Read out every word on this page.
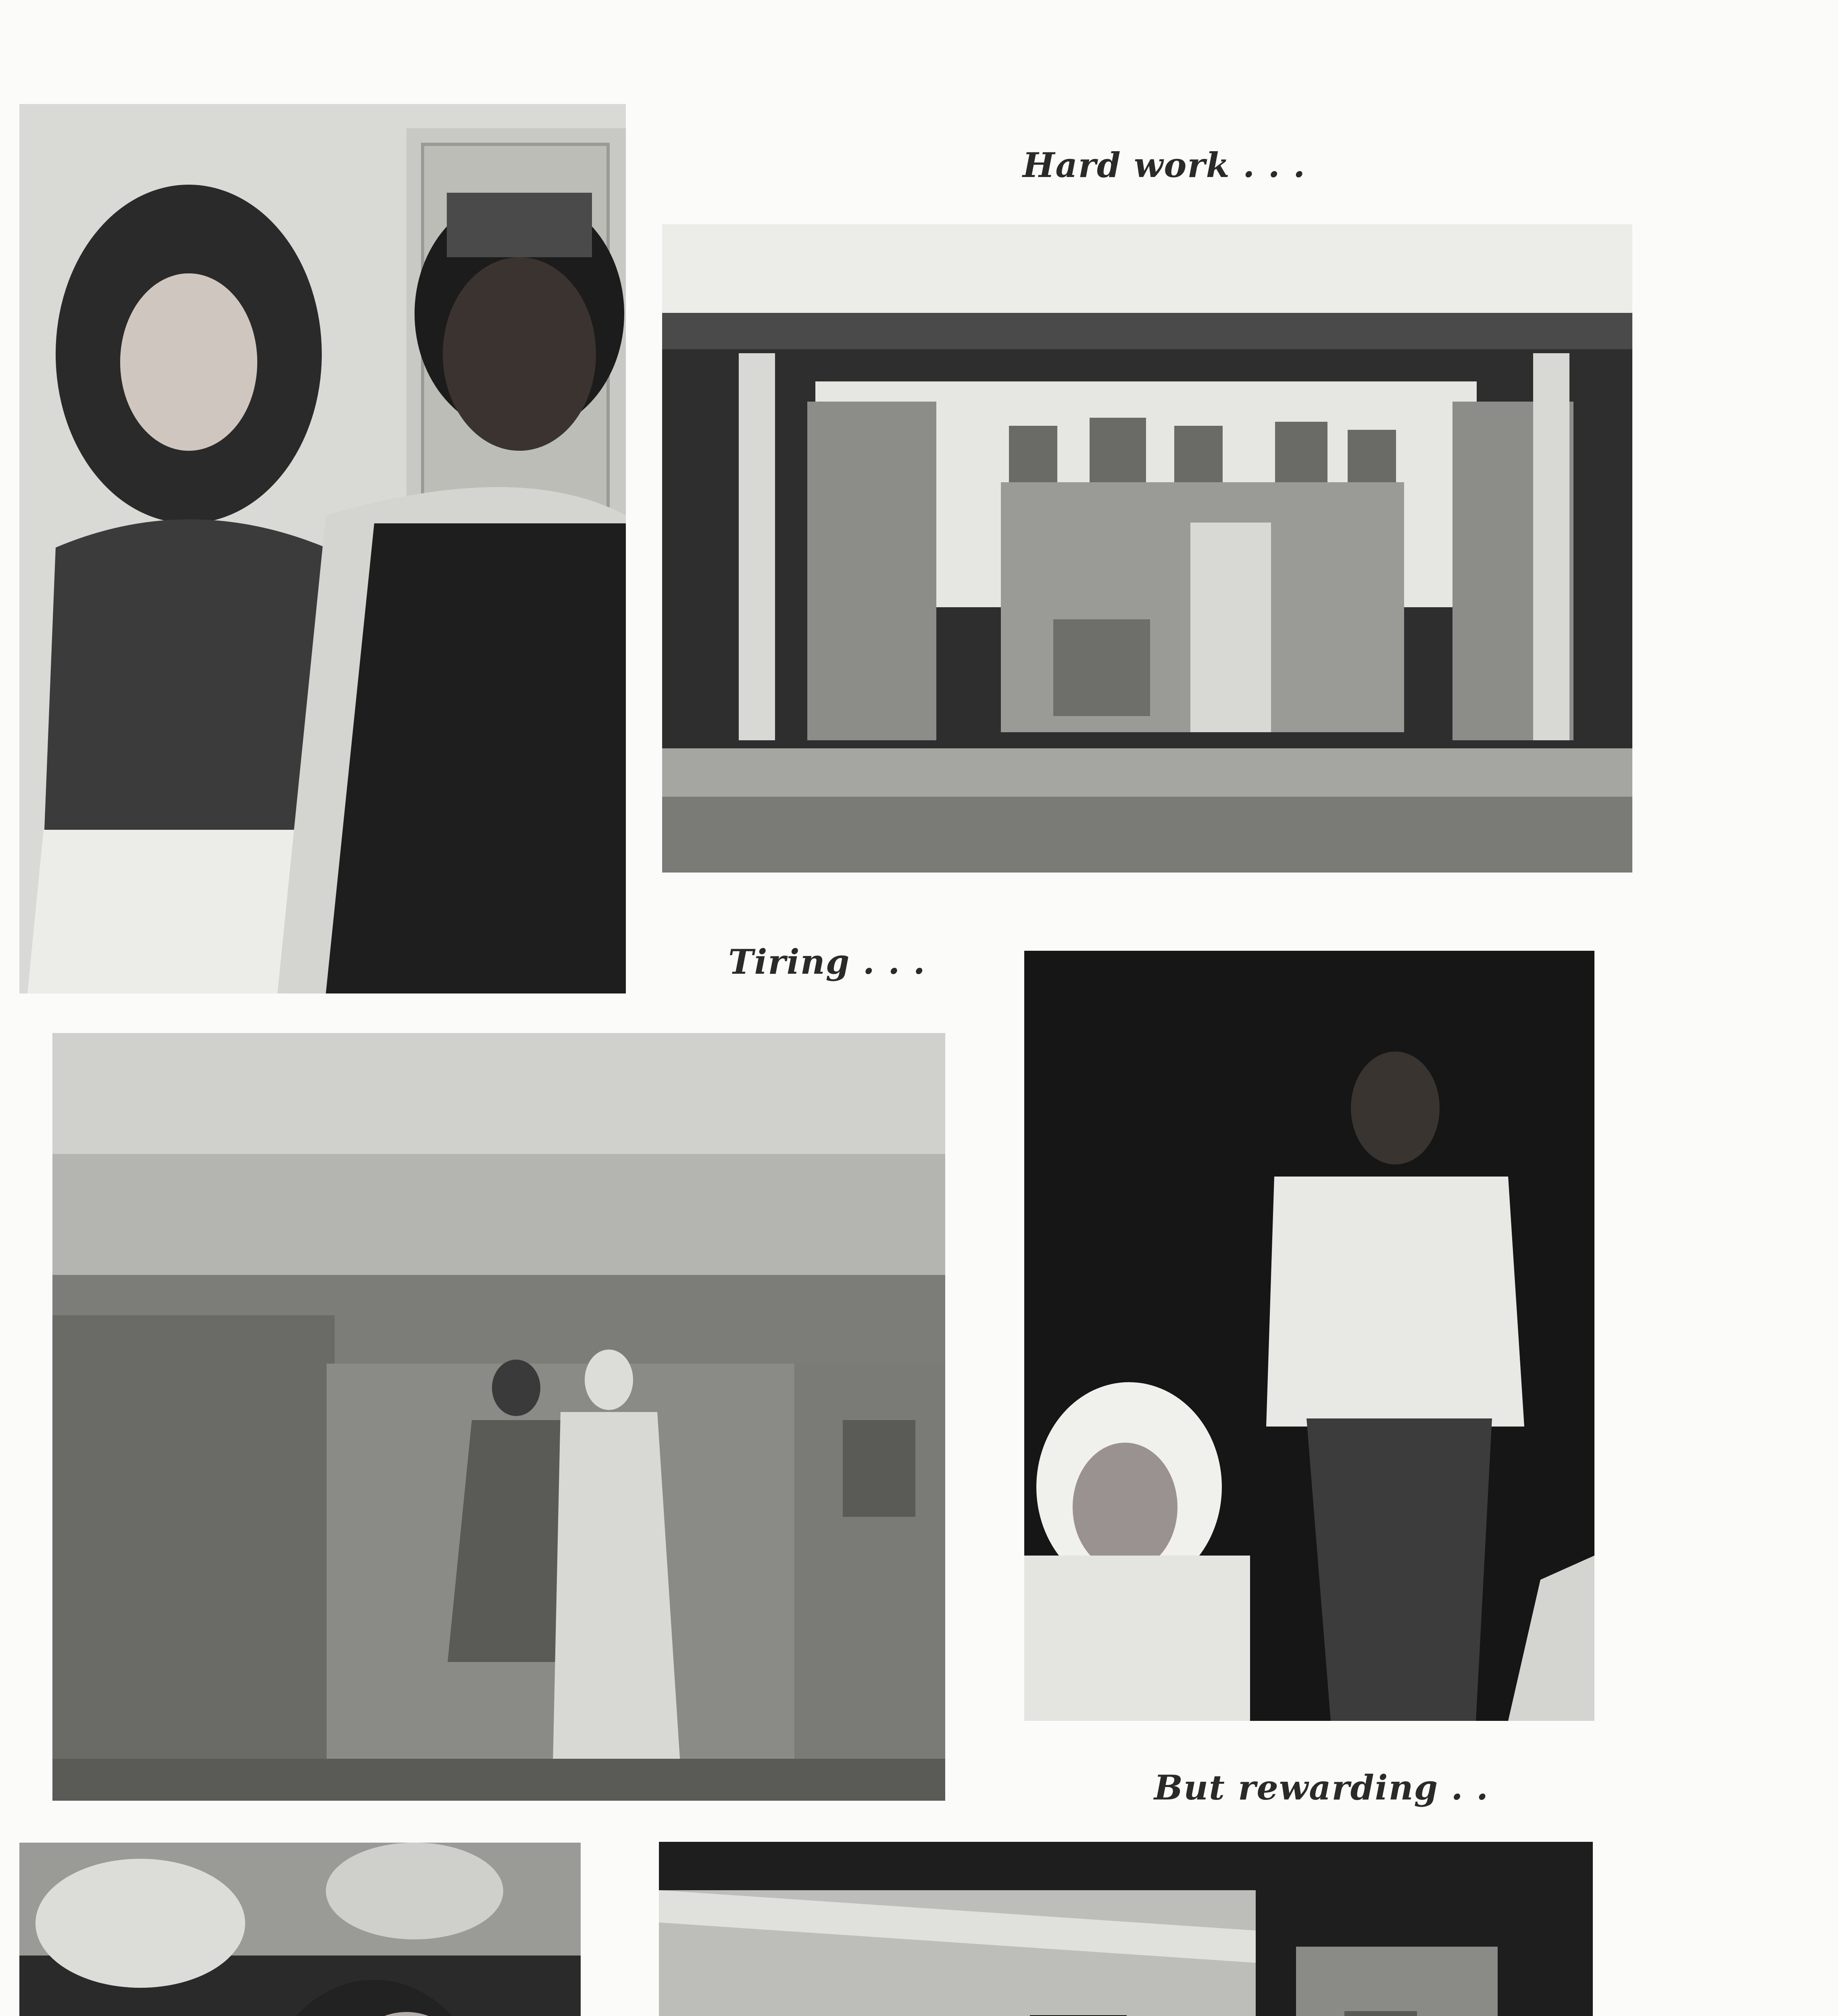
Hard work . . .
Tiring . . .
But rewarding . .
